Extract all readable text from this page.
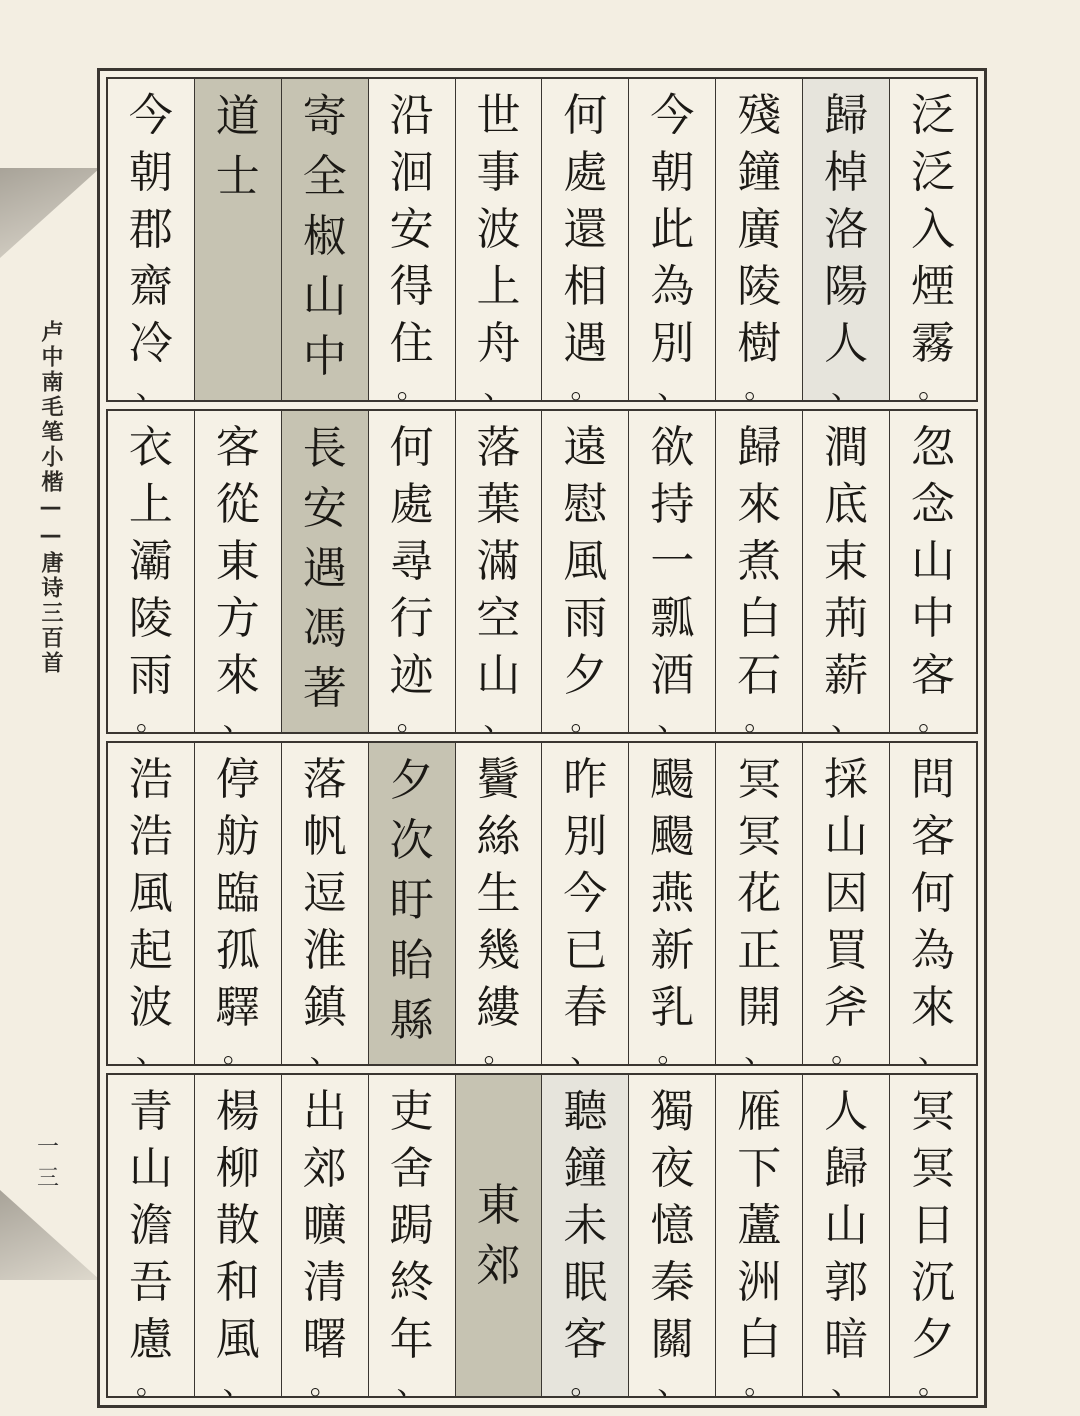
卢中南毛笔小楷——唐诗三百首
一三
泛
泛
入
煙
霧
。
歸
棹
洛
陽
人
、
殘
鐘
廣
陵
樹
。
今
朝
此
為
別
、
何
處
還
相
遇
。
世
事
波
上
舟
、
沿
洄
安
得
住
。
寄
全
椒
山
中
道
士
今
朝
郡
齋
冷
、
忽
念
山
中
客
。
澗
底
束
荊
薪
、
歸
來
煮
白
石
。
欲
持
一
瓢
酒
、
遠
慰
風
雨
夕
。
落
葉
滿
空
山
、
何
處
尋
行
迹
。
長
安
遇
馮
著
客
從
東
方
來
、
衣
上
灞
陵
雨
。
問
客
何
為
來
、
採
山
因
買
斧
。
冥
冥
花
正
開
、
颺
颺
燕
新
乳
。
昨
別
今
已
春
、
鬢
絲
生
幾
縷
。
夕
次
盱
眙
縣
落
帆
逗
淮
鎮
、
停
舫
臨
孤
驛
。
浩
浩
風
起
波
、
冥
冥
日
沉
夕
。
人
歸
山
郭
暗
、
雁
下
蘆
洲
白
。
獨
夜
憶
秦
關
、
聽
鐘
未
眠
客
。
東
郊
吏
舍
跼
終
年
、
出
郊
曠
清
曙
。
楊
柳
散
和
風
、
青
山
澹
吾
慮
。
